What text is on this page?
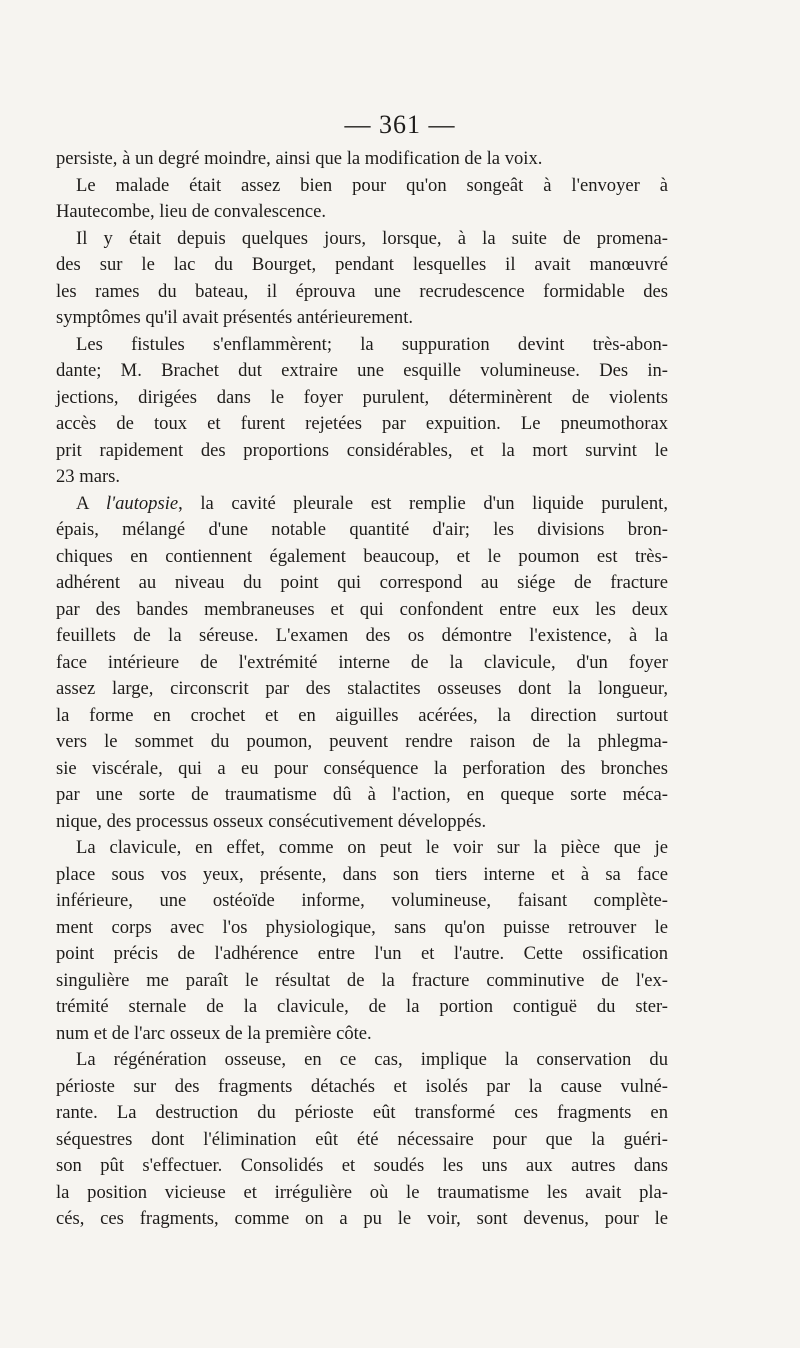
— 361 —

persiste, à un degré moindre, ainsi que la modification de la voix.

Le malade était assez bien pour qu'on songeât à l'envoyer à

Hautecombe, lieu de convalescence.

Il y était depuis quelques jours, lorsque, à la suite de promena-

des sur le lac du Bourget, pendant lesquelles il avait manœuvré

les rames du bateau, il éprouva une recrudescence formidable des

symptômes qu'il avait présentés antérieurement.

Les fistules s'enflammèrent; la suppuration devint très-abon-

dante; M. Brachet dut extraire une esquille volumineuse. Des in-

jections, dirigées dans le foyer purulent, déterminèrent de violents

accès de toux et furent rejetées par expuition. Le pneumothorax

prit rapidement des proportions considérables, et la mort survint le

23 mars.

A l'autopsie, la cavité pleurale est remplie d'un liquide purulent,

épais, mélangé d'une notable quantité d'air; les divisions bron-

chiques en contiennent également beaucoup, et le poumon est très-

adhérent au niveau du point qui correspond au siége de fracture

par des bandes membraneuses et qui confondent entre eux les deux

feuillets de la séreuse. L'examen des os démontre l'existence, à la

face intérieure de l'extrémité interne de la clavicule, d'un foyer

assez large, circonscrit par des stalactites osseuses dont la longueur,

la forme en crochet et en aiguilles acérées, la direction surtout

vers le sommet du poumon, peuvent rendre raison de la phlegma-

sie viscérale, qui a eu pour conséquence la perforation des bronches

par une sorte de traumatisme dû à l'action, en queque sorte méca-

nique, des processus osseux consécutivement développés.

La clavicule, en effet, comme on peut le voir sur la pièce que je

place sous vos yeux, présente, dans son tiers interne et à sa face

inférieure, une ostéoïde informe, volumineuse, faisant complète-

ment corps avec l'os physiologique, sans qu'on puisse retrouver le

point précis de l'adhérence entre l'un et l'autre. Cette ossification

singulière me paraît le résultat de la fracture comminutive de l'ex-

trémité sternale de la clavicule, de la portion contiguë du ster-

num et de l'arc osseux de la première côte.

La régénération osseuse, en ce cas, implique la conservation du

périoste sur des fragments détachés et isolés par la cause vulné-

rante. La destruction du périoste eût transformé ces fragments en

séquestres dont l'élimination eût été nécessaire pour que la guéri-

son pût s'effectuer. Consolidés et soudés les uns aux autres dans

la position vicieuse et irrégulière où le traumatisme les avait pla-

cés, ces fragments, comme on a pu le voir, sont devenus, pour le
